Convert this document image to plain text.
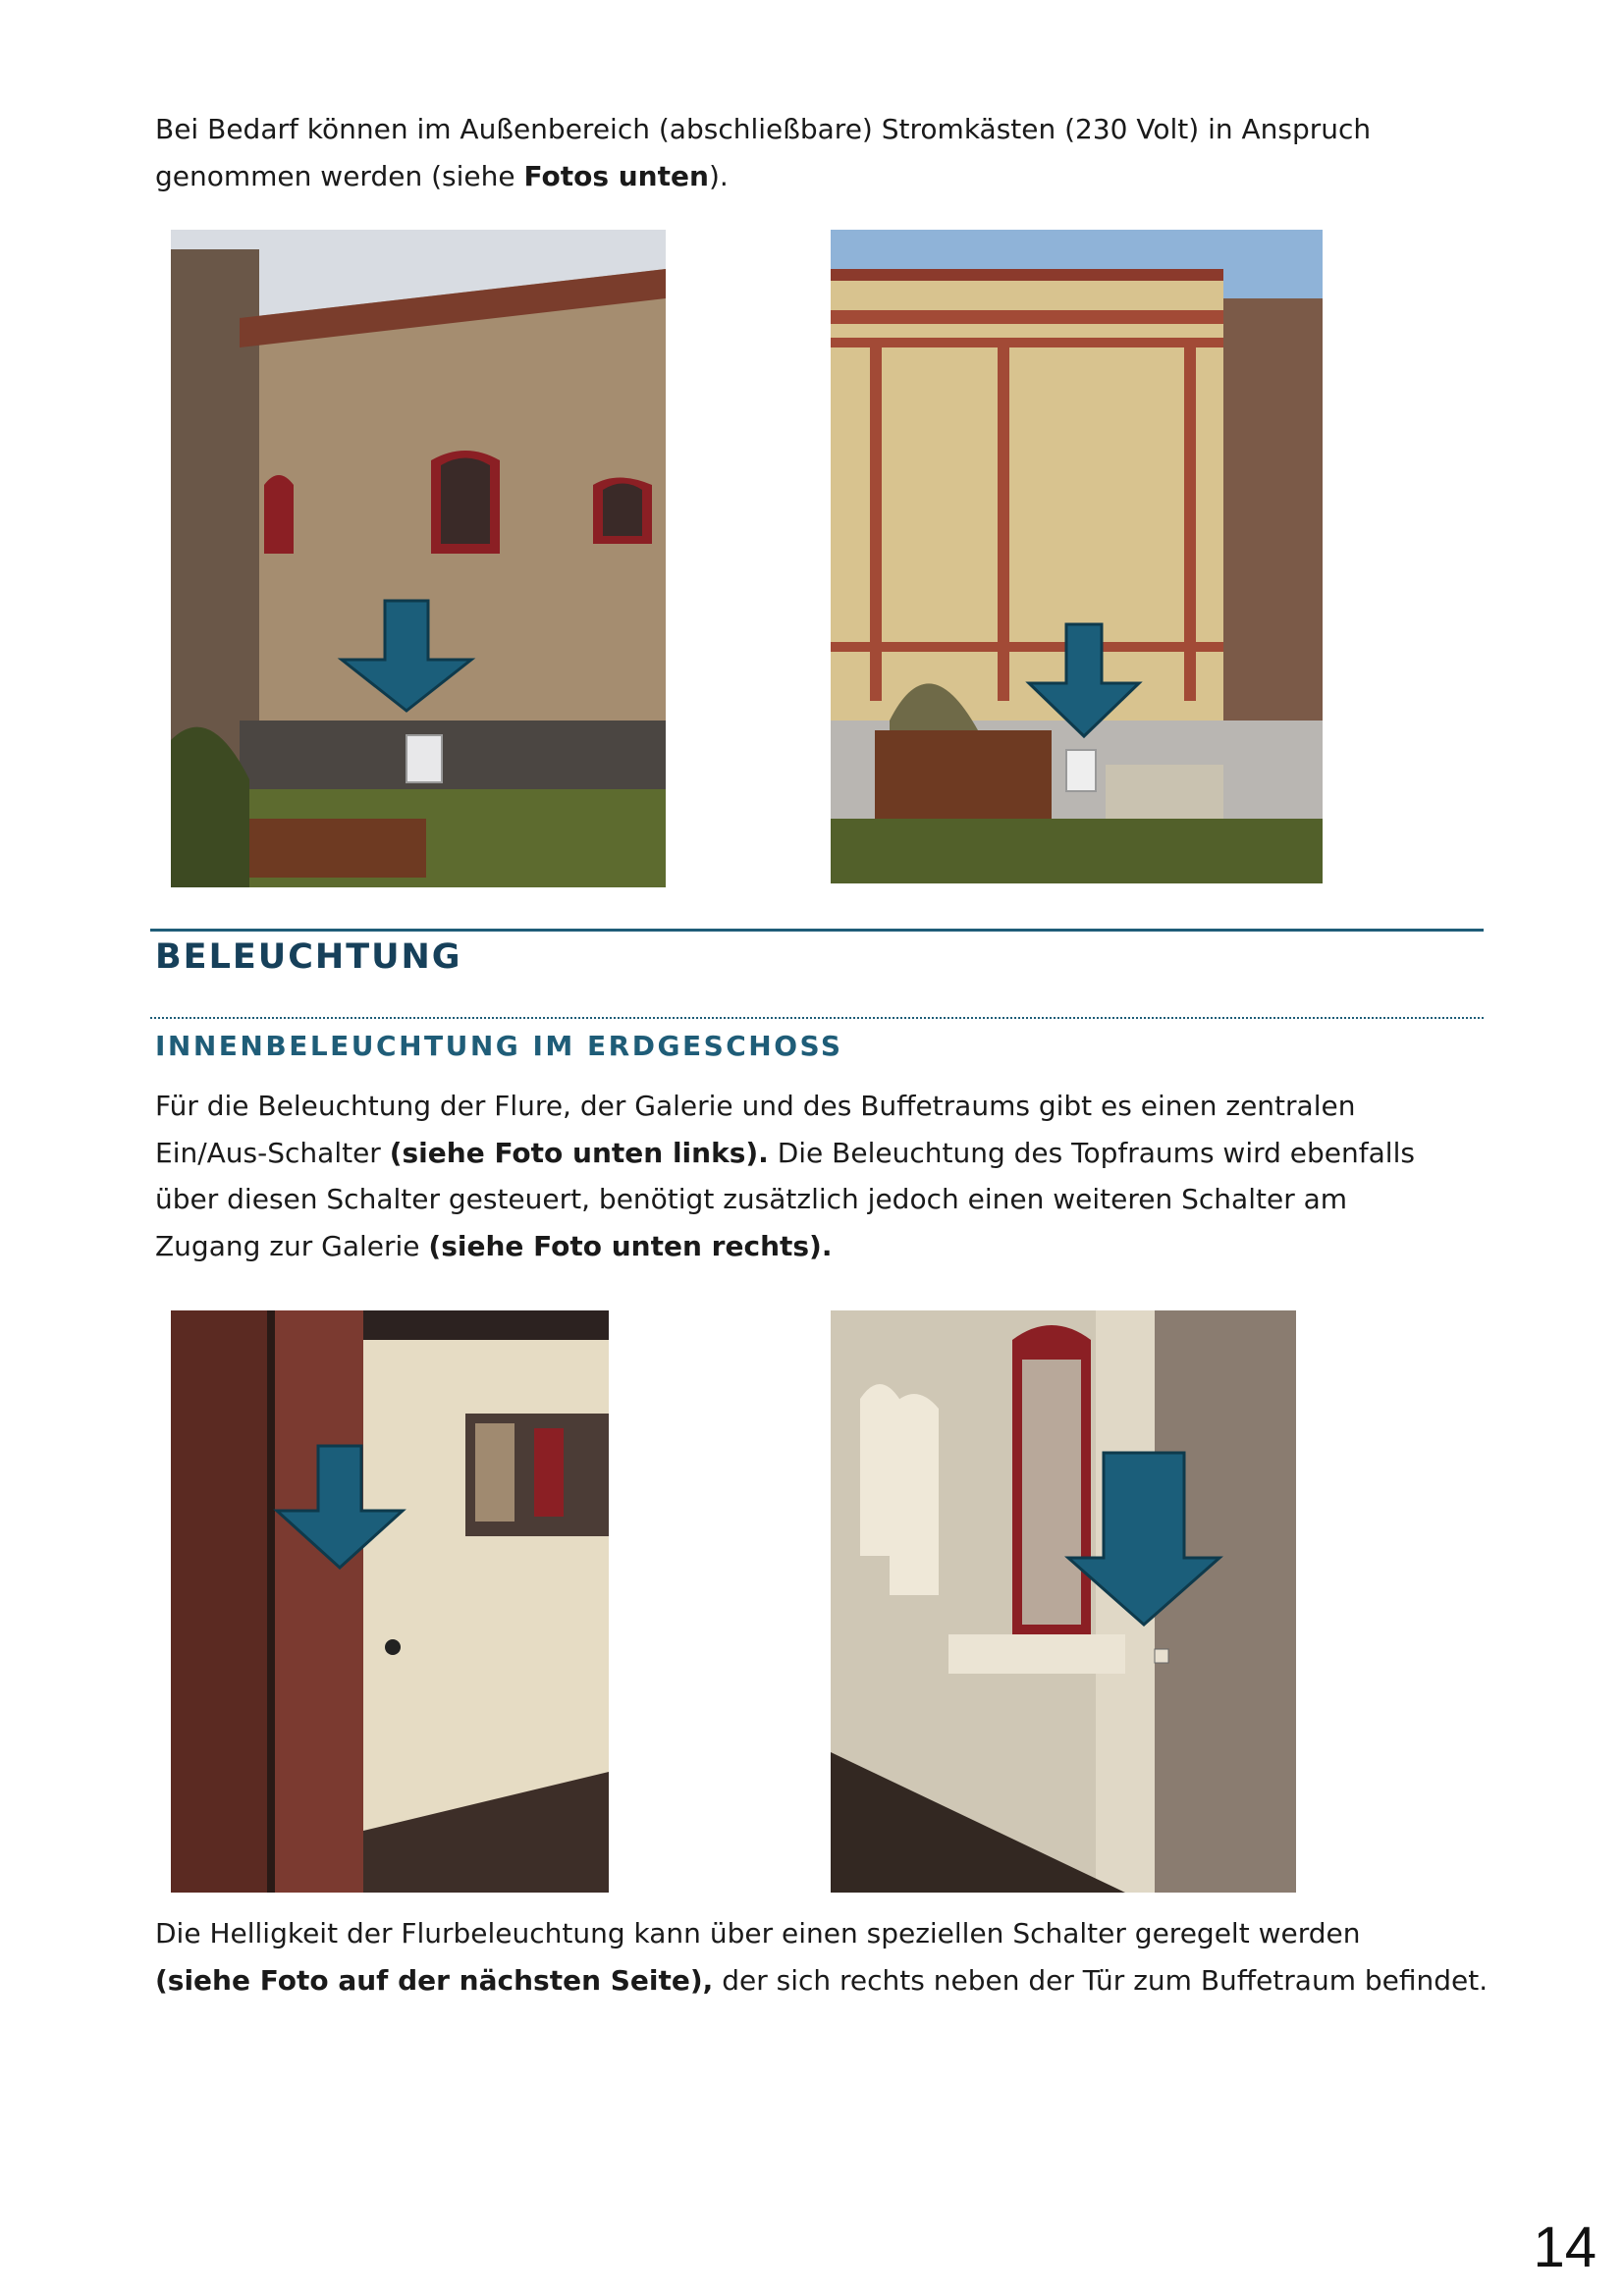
Bei Bedarf können im Außenbereich (abschließbare) Stromkästen (230 Volt) in Anspruch

genommen werden (siehe Fotos unten).

BELEUCHTUNG

INNENBELEUCHTUNG IM ERDGESCHOSS

Für die Beleuchtung der Flure, der Galerie und des Buffetraums gibt es einen zentralen

Ein/Aus-Schalter (siehe Foto unten links). Die Beleuchtung des Topfraums wird ebenfalls

über diesen Schalter gesteuert, benötigt zusätzlich jedoch einen weiteren Schalter am

Zugang zur Galerie (siehe Foto unten rechts).

Die Helligkeit der Flurbeleuchtung kann über einen speziellen Schalter geregelt werden

(siehe Foto auf der nächsten Seite), der sich rechts neben der Tür zum Buffetraum befindet.

14
